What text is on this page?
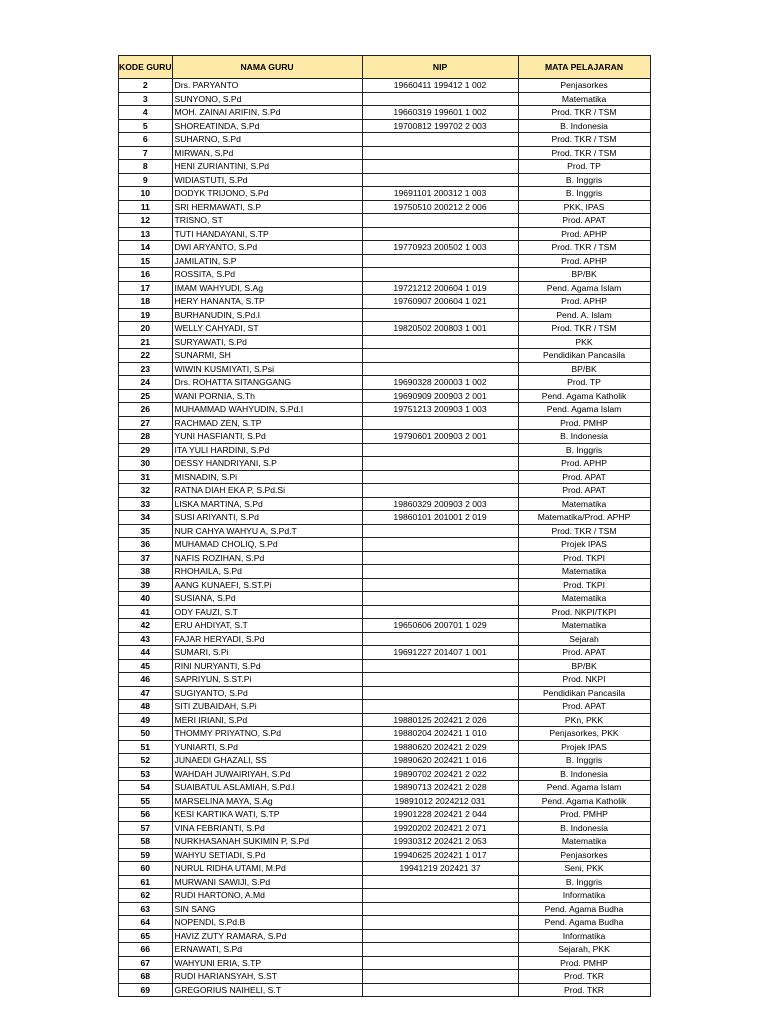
KODE GURU	NAMA GURU	NIP	MATA PELAJARAN
2	Drs. PARYANTO	19660411 199412 1 002	Penjasorkes
3	SUNYONO, S.Pd		Matematika
4	MOH. ZAINAI ARIFIN, S.Pd	19660319 199601 1 002	Prod. TKR / TSM
5	SHOREATINDA, S.Pd	19700812 199702 2 003	B. Indonesia
6	SUHARNO, S.Pd		Prod. TKR / TSM
7	MIRWAN, S.Pd		Prod. TKR / TSM
8	HENI ZURIANTINI, S.Pd		Prod. TP
9	WIDIASTUTI, S.Pd		B. Inggris
10	DODYK TRIJONO, S.Pd	19691101 200312 1 003	B. Inggris
11	SRI HERMAWATI, S.P	19750510 200212 2 006	PKK, IPAS
12	TRISNO, ST		Prod. APAT
13	TUTI HANDAYANI, S.TP		Prod. APHP
14	DWI ARYANTO, S.Pd	19770923 200502 1 003	Prod. TKR / TSM
15	JAMILATIN, S.P		Prod. APHP
16	ROSSITA, S.Pd		BP/BK
17	IMAM WAHYUDI, S.Ag	19721212 200604 1 019	Pend. Agama Islam
18	HERY HANANTA, S.TP	19760907 200604 1 021	Prod. APHP
19	BURHANUDIN, S.Pd.I		Pend. A. Islam
20	WELLY CAHYADI, ST	19820502 200803 1 001	Prod. TKR / TSM
21	SURYAWATI, S.Pd		PKK
22	SUNARMI, SH		Pendidikan Pancasila
23	WIWIN KUSMIYATI, S.Psi		BP/BK
24	Drs. ROHATTA SITANGGANG	19690328 200003 1 002	Prod. TP
25	WANI PORNIA, S.Th	19690909 200903 2 001	Pend. Agama Katholik
26	MUHAMMAD WAHYUDIN, S.Pd.I	19751213 200903 1 003	Pend. Agama Islam
27	RACHMAD ZEN, S.TP		Prod. PMHP
28	YUNI HASFIANTI, S.Pd	19790601 200903 2 001	B. Indonesia
29	ITA YULI HARDINI, S.Pd		B. Inggris
30	DESSY HANDRIYANI, S.P		Prod. APHP
31	MISNADIN, S.Pi		Prod. APAT
32	RATNA DIAH EKA P, S.Pd.Si		Prod. APAT
33	LISKA MARTINA, S.Pd	19860329 200903 2 003	Matematika
34	SUSI ARIYANTI, S.Pd	19860101 201001 2 019	Matematika/Prod. APHP
35	NUR CAHYA WAHYU A, S.Pd.T		Prod. TKR / TSM
36	MUHAMAD CHOLIQ, S.Pd		Projek IPAS
37	NAFIS ROZIHAN, S.Pd		Prod. TKPI
38	RHOHAILA, S.Pd		Matematika
39	AANG KUNAEFI, S.ST.Pi		Prod. TKPI
40	SUSIANA, S.Pd		Matematika
41	ODY FAUZI, S.T		Prod. NKPI/TKPI
42	ERU AHDIYAT, S.T	19650606 200701 1 029	Matematika
43	FAJAR HERYADI, S.Pd		Sejarah
44	SUMARI, S.Pi	19691227 201407 1 001	Prod. APAT
45	RINI NURYANTI, S.Pd		BP/BK
46	SAPRIYUN, S.ST.Pi		Prod. NKPI
47	SUGIYANTO, S.Pd		Pendidikan Pancasila
48	SITI ZUBAIDAH, S.Pi		Prod. APAT
49	MERI IRIANI, S.Pd	19880125 202421 2 026	PKn, PKK
50	THOMMY PRIYATNO, S.Pd	19880204 202421 1 010	Penjasorkes, PKK
51	YUNIARTI, S.Pd	19880620 202421 2 029	Projek IPAS
52	JUNAEDI GHAZALI, SS	19890620 202421 1 016	B. Inggris
53	WAHDAH JUWAIRIYAH, S.Pd	19890702 202421 2 022	B. Indonesia
54	SUAIBATUL ASLAMIAH, S.Pd.I	19890713 202421 2 028	Pend. Agama Islam
55	MARSELINA MAYA, S.Ag	19891012 2024212 031	Pend. Agama Katholik
56	KESI KARTIKA WATI, S.TP	19901228 202421 2 044	Prod. PMHP
57	VINA FEBRIANTI, S.Pd	19920202 202421 2 071	B. Indonesia
58	NURKHASANAH SUKIMIN P, S.Pd	19930312 202421 2 053	Matematika
59	WAHYU SETIADI, S.Pd	19940625 202421 1 017	Penjasorkes
60	NURUL RIDHA UTAMI, M.Pd	19941219 202421 37	Seni, PKK
61	MURWANI SAWIJI, S.Pd		B. Inggris
62	RUDI HARTONO, A.Md		Informatika
63	SIN SANG		Pend. Agama Budha
64	NOPENDI, S.Pd.B		Pend. Agama Budha
65	HAVIZ ZUTY RAMARA, S.Pd		Informatika
66	ERNAWATI, S.Pd		Sejarah, PKK
67	WAHYUNI ERIA, S.TP		Prod. PMHP
68	RUDI HARIANSYAH, S.ST		Prod. TKR
69	GREGORIUS NAIHELI, S.T		Prod. TKR
